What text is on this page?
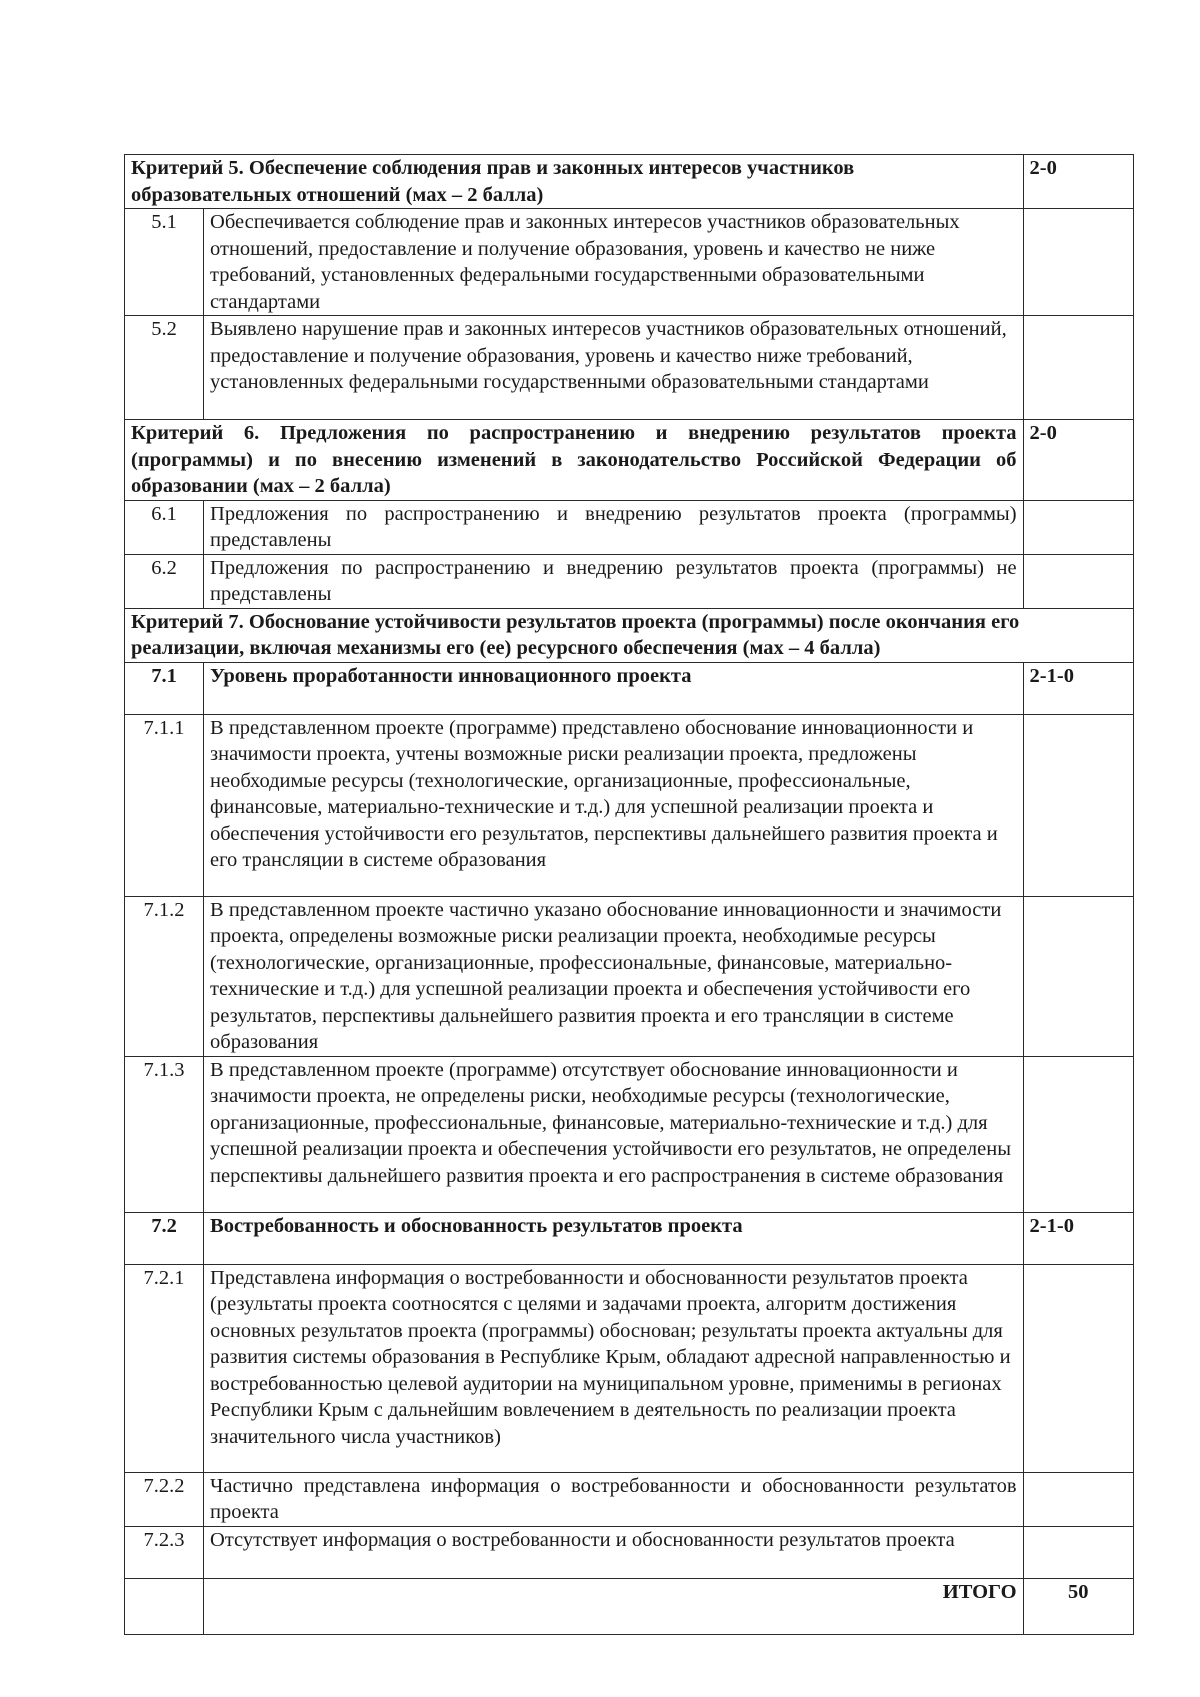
Критерий 5. Обеспечение соблюдения прав и законных интересов участников образовательных отношений (мах – 2 балла)		2-0
5.1	Обеспечивается соблюдение прав и законных интересов участников образовательных отношений, предоставление и получение образования, уровень и качество не ниже требований, установленных федеральными государственными образовательными стандартами	
5.2	Выявлено нарушение прав и законных интересов участников образовательных отношений, предоставление и получение образования, уровень и качество ниже требований, установленных федеральными государственными образовательными стандартами	
Критерий 6. Предложения по распространению и внедрению результатов проекта (программы) и по внесению изменений в законодательство Российской Федерации об образовании (мах – 2 балла)		2-0
6.1	Предложения по распространению и внедрению результатов проекта (программы) представлены	
6.2	Предложения по распространению и внедрению результатов проекта (программы) не представлены	
Критерий 7. Обоснование устойчивости результатов проекта (программы) после окончания его реализации, включая механизмы его (ее) ресурсного обеспечения (мах – 4 балла)		
7.1	Уровень проработанности инновационного проекта	2-1-0
7.1.1	В представленном проекте (программе) представлено обоснование инновационности и значимости проекта, учтены возможные риски реализации проекта, предложены необходимые ресурсы (технологические, организационные, профессиональные, финансовые, материально-технические и т.д.) для успешной реализации проекта и обеспечения устойчивости его результатов, перспективы дальнейшего развития проекта и его трансляции в системе образования	
7.1.2	В представленном проекте частично указано обоснование инновационности и значимости проекта, определены возможные риски реализации проекта, необходимые ресурсы (технологические, организационные, профессиональные, финансовые, материально-технические и т.д.) для успешной реализации проекта и обеспечения устойчивости его результатов, перспективы дальнейшего развития проекта и его трансляции в системе образования	
7.1.3	В представленном проекте (программе) отсутствует обоснование инновационности и значимости проекта, не определены риски, необходимые ресурсы (технологические, организационные, профессиональные, финансовые, материально-технические и т.д.) для успешной реализации проекта и обеспечения устойчивости его результатов, не определены перспективы дальнейшего развития проекта и его распространения в системе образования	
7.2	Востребованность и обоснованность результатов проекта	2-1-0
7.2.1	Представлена информация о востребованности и обоснованности результатов проекта (результаты проекта соотносятся с целями и задачами проекта, алгоритм достижения основных результатов проекта (программы) обоснован; результаты проекта актуальны для развития системы образования в Республике Крым, обладают адресной направленностью и востребованностью целевой аудитории на муниципальном уровне, применимы в регионах Республики Крым с дальнейшим вовлечением в деятельность по реализации проекта значительного числа участников)	
7.2.2	Частично представлена информация о востребованности и обоснованности результатов проекта	
7.2.3	Отсутствует информация о востребованности и обоснованности результатов проекта	
	ИТОГО	50
